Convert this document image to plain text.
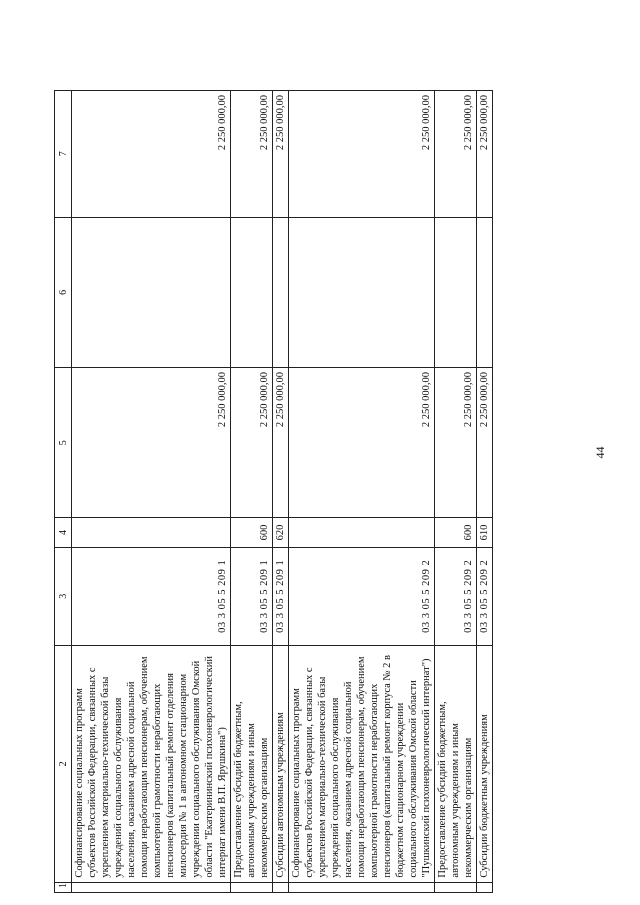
44
1	2	3	4	5	6	7
	Софинансирование социальных программ субъектов Российской Федерации, связанных с укреплением материально-технической базы учреждений социального обслуживания населения, оказанием адресной социальной помощи неработающим пенсионерам, обучением компьютерной грамотности неработающих пенсионеров (капитальный ремонт отделения милосердия № 1 в автономном стационарном учреждении социального обслуживания Омской области "Екатерининский психоневрологический интернат имени В.П. Ярушкина")	03 3 05 5 209 1		2 250 000,00		2 250 000,00
	Предоставление субсидий бюджетным, автономным учреждениям и иным некоммерческим организациям	03 3 05 5 209 1	600	2 250 000,00		2 250 000,00
	Субсидии автономным учреждениям	03 3 05 5 209 1	620	2 250 000,00		2 250 000,00
	Софинансирование социальных программ субъектов Российской Федерации, связанных с укреплением материально-технической базы учреждений социального обслуживания населения, оказанием адресной социальной помощи неработающим пенсионерам, обучением компьютерной грамотности неработающих пенсионеров (капитальный ремонт корпуса № 2 в бюджетном стационарном учреждении социального обслуживания Омской области "Пушкинский психоневрологический интернат")	03 3 05 5 209 2		2 250 000,00		2 250 000,00
	Предоставление субсидий бюджетным, автономным учреждениям и иным некоммерческим организациям	03 3 05 5 209 2	600	2 250 000,00		2 250 000,00
	Субсидии бюджетным учреждениям	03 3 05 5 209 2	610	2 250 000,00		2 250 000,00
